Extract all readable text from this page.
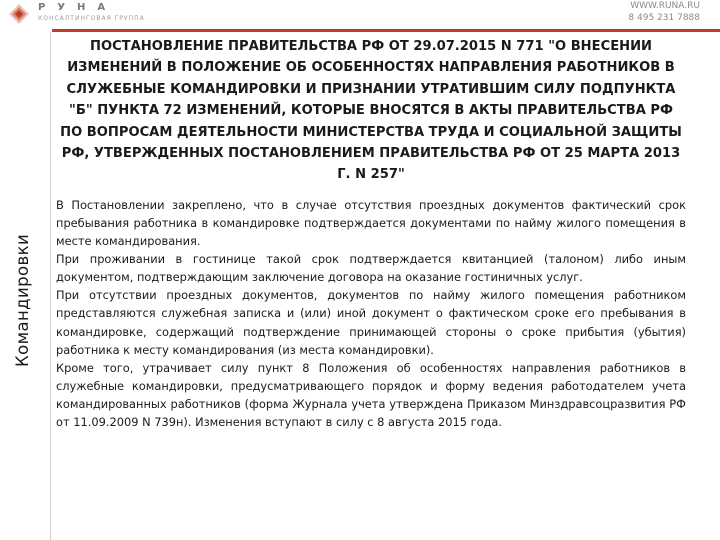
РУНА
КОНСАЛТИНГОВАЯ ГРУППА
WWW.RUNA.RU
8 495 231 7888
Командировки
ПОСТАНОВЛЕНИЕ ПРАВИТЕЛЬСТВА РФ ОТ 29.07.2015 N 771 "О ВНЕСЕНИИ ИЗМЕНЕНИЙ В ПОЛОЖЕНИЕ ОБ ОСОБЕННОСТЯХ НАПРАВЛЕНИЯ РАБОТНИКОВ В СЛУЖЕБНЫЕ КОМАНДИРОВКИ И ПРИЗНАНИИ УТРАТИВШИМ СИЛУ ПОДПУНКТА "Б" ПУНКТА 72 ИЗМЕНЕНИЙ, КОТОРЫЕ ВНОСЯТСЯ В АКТЫ ПРАВИТЕЛЬСТВА РФ ПО ВОПРОСАМ ДЕЯТЕЛЬНОСТИ МИНИСТЕРСТВА ТРУДА И СОЦИАЛЬНОЙ ЗАЩИТЫ РФ, УТВЕРЖДЕННЫХ ПОСТАНОВЛЕНИЕМ ПРАВИТЕЛЬСТВА РФ ОТ 25 МАРТА 2013 Г. N 257"

В Постановлении закреплено, что в случае отсутствия проездных документов фактический срок пребывания работника в командировке подтверждается документами по найму жилого помещения в месте командирования.

При проживании в гостинице такой срок подтверждается квитанцией (талоном) либо иным документом, подтверждающим заключение договора на оказание гостиничных услуг.

При отсутствии проездных документов, документов по найму жилого помещения работником представляются служебная записка и (или) иной документ о фактическом сроке его пребывания в командировке, содержащий подтверждение принимающей стороны о сроке прибытия (убытия) работника к месту командирования (из места командировки).

Кроме того, утрачивает силу пункт 8 Положения об особенностях направления работников в служебные командировки, предусматривающего порядок и форму ведения работодателем учета командированных работников (форма Журнала учета утверждена Приказом Минздравсоцразвития РФ от 11.09.2009 N 739н). Изменения вступают в силу с 8 августа 2015 года.
